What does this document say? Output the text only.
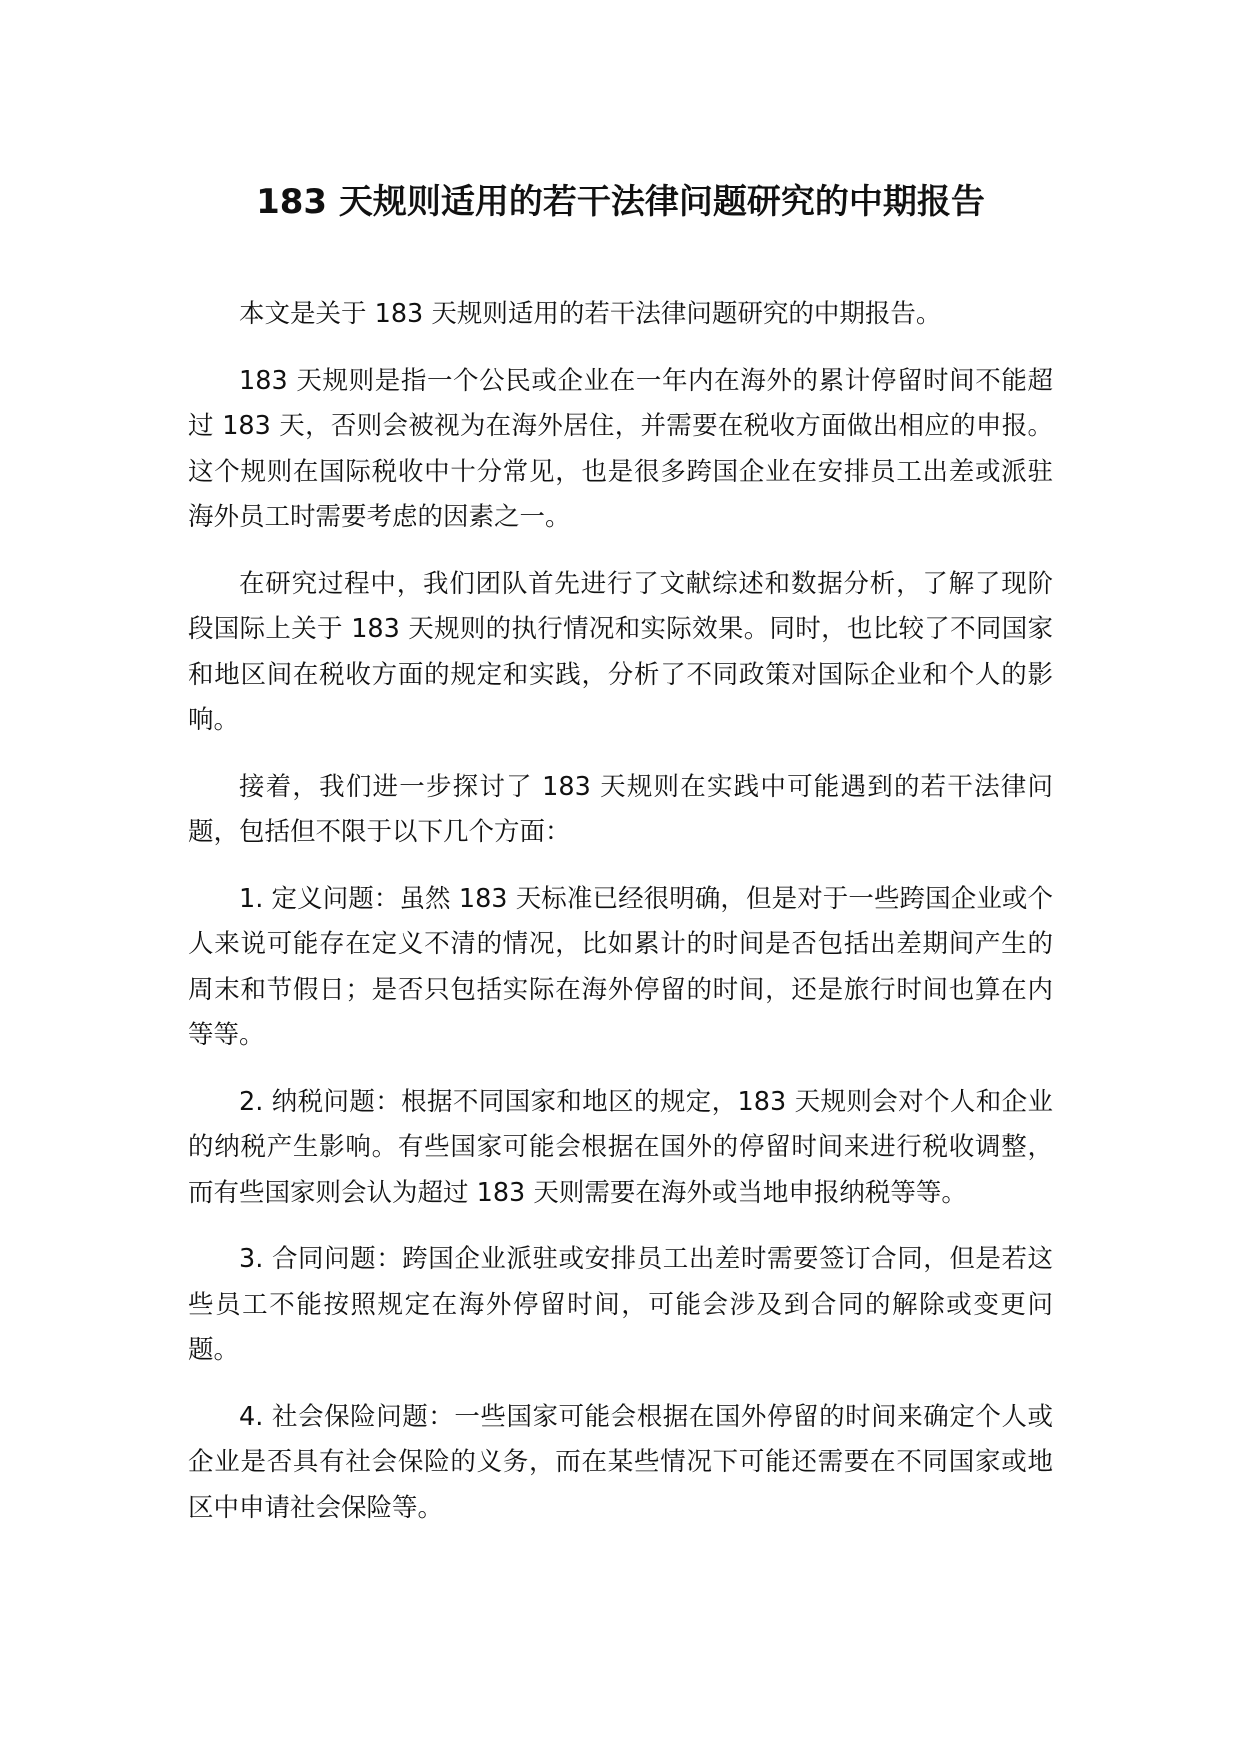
183 天规则适用的若干法律问题研究的中期报告

本文是关于 183 天规则适用的若干法律问题研究的中期报告。

183 天规则是指一个公民或企业在一年内在海外的累计停留时间不能超过 183 天，否则会被视为在海外居住，并需要在税收方面做出相应的申报。这个规则在国际税收中十分常见，也是很多跨国企业在安排员工出差或派驻海外员工时需要考虑的因素之一。

在研究过程中，我们团队首先进行了文献综述和数据分析，了解了现阶段国际上关于 183 天规则的执行情况和实际效果。同时，也比较了不同国家和地区间在税收方面的规定和实践，分析了不同政策对国际企业和个人的影响。

接着，我们进一步探讨了 183 天规则在实践中可能遇到的若干法律问题，包括但不限于以下几个方面：

1. 定义问题：虽然 183 天标准已经很明确，但是对于一些跨国企业或个人来说可能存在定义不清的情况，比如累计的时间是否包括出差期间产生的周末和节假日；是否只包括实际在海外停留的时间，还是旅行时间也算在内等等。

2. 纳税问题：根据不同国家和地区的规定，183 天规则会对个人和企业的纳税产生影响。有些国家可能会根据在国外的停留时间来进行税收调整，而有些国家则会认为超过 183 天则需要在海外或当地申报纳税等等。

3. 合同问题：跨国企业派驻或安排员工出差时需要签订合同，但是若这些员工不能按照规定在海外停留时间，可能会涉及到合同的解除或变更问题。

4. 社会保险问题：一些国家可能会根据在国外停留的时间来确定个人或企业是否具有社会保险的义务，而在某些情况下可能还需要在不同国家或地区中申请社会保险等。
